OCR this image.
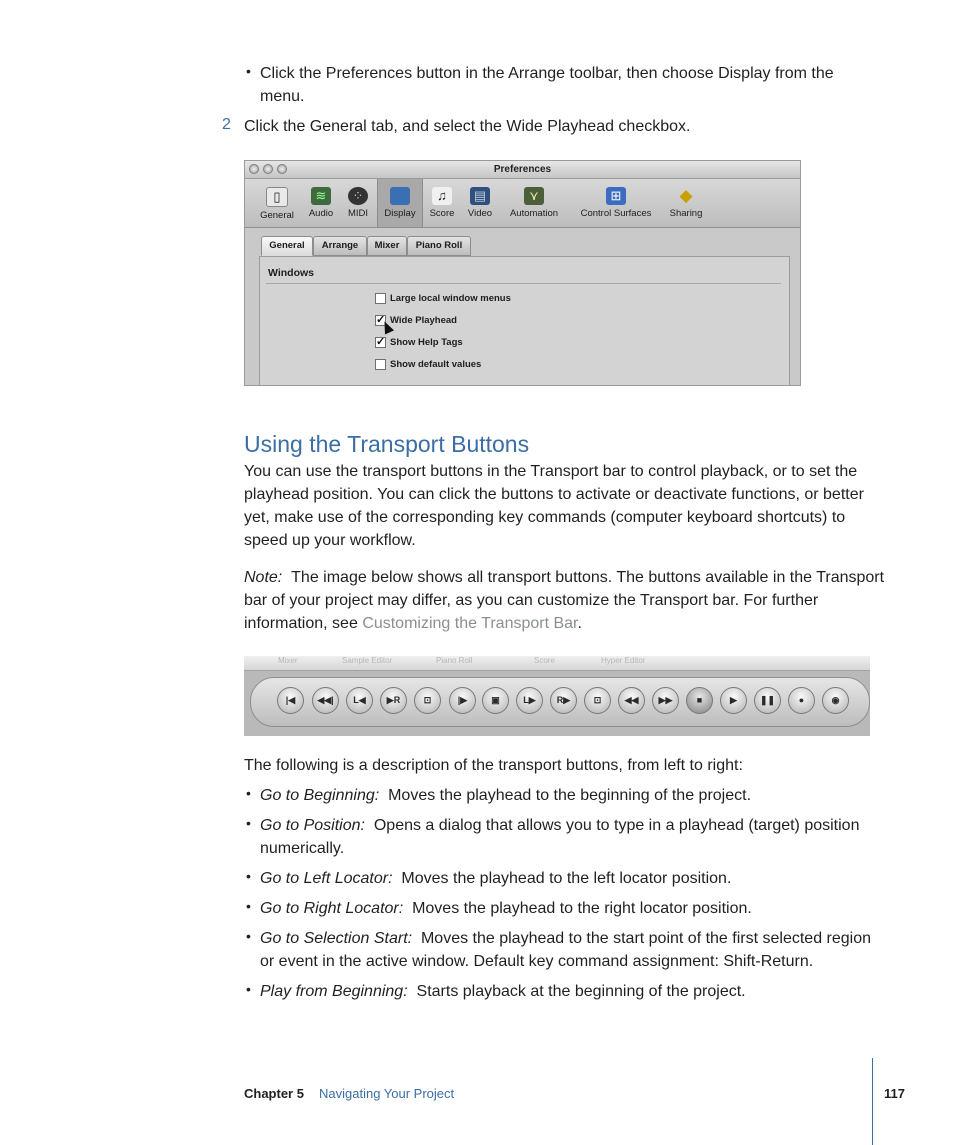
• Click the Preferences button in the Arrange toolbar, then choose Display from the
menu.
2 Click the General tab, and select the Wide Playhead checkbox.
Preferences
▯
General
≋
Audio
⁘
MIDI	Display
♫
Score
▤
Video
⋎
Automation
⊞
Control Surfaces
◆
Sharing
General	Arrange	Mixer	Piano Roll
Windows
Large local window menus
✓ Wide Playhead
✓ Show Help Tags
Show default values
Using the Transport Buttons
You can use the transport buttons in the Transport bar to control playback, or to set the
playhead position. You can click the buttons to activate or deactivate functions, or better
yet, make use of the corresponding key commands (computer keyboard shortcuts) to
speed up your workflow.
Note: The image below shows all transport buttons. The buttons available in the Transport
bar of your project may differ, as you can customize the Transport bar. For further
information, see Customizing the Transport Bar.
Mixer	Sample Editor	Piano Roll	Score	Hyper Editor
|◀	◀◀|	L◀	▶R	⊡	|▶	▣	L▶	R▶	⊡	◀◀	▶▶	■	▶	❚❚	●	◉
The following is a description of the transport buttons, from left to right:
• Go to Beginning: Moves the playhead to the beginning of the project.
• Go to Position: Opens a dialog that allows you to type in a playhead (target) position
numerically.
• Go to Left Locator: Moves the playhead to the left locator position.
• Go to Right Locator: Moves the playhead to the right locator position.
• Go to Selection Start: Moves the playhead to the start point of the first selected region
or event in the active window. Default key command assignment: Shift-Return.
• Play from Beginning: Starts playback at the beginning of the project.
Chapter 5 Navigating Your Project	117
